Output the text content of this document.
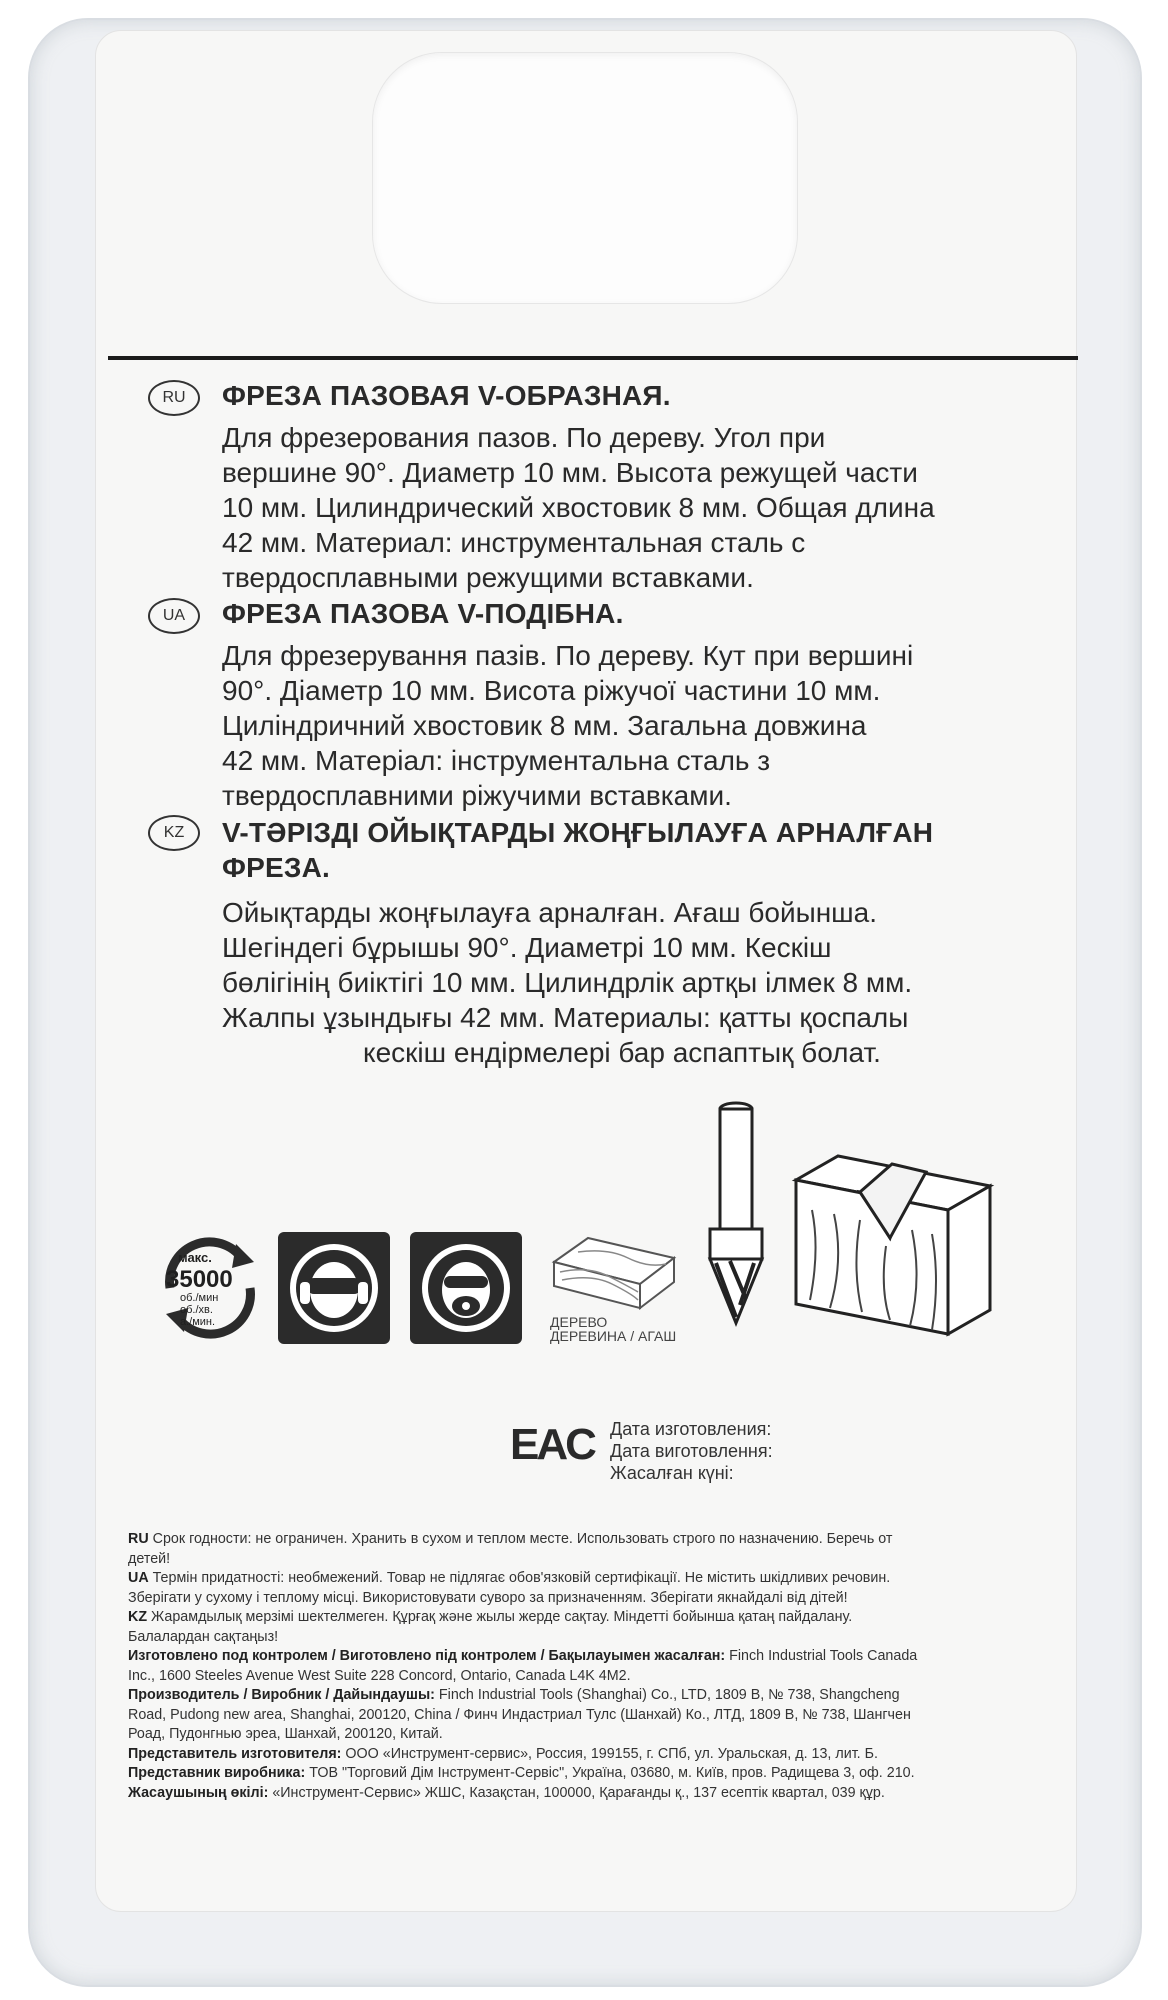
RU	ФРЕЗА ПАЗОВАЯ V-ОБРАЗНАЯ.
Для фрезерования пазов. По дереву. Угол при
вершине 90°. Диаметр 10 мм. Высота режущей части
10 мм. Цилиндрический хвостовик 8 мм. Общая длина
42 мм. Материал: инструментальная сталь с
твердосплавными режущими вставками.
UA	ФРЕЗА ПАЗОВА V-ПОДІБНА.
Для фрезерування пазів. По дереву. Кут при вершині
90°. Діаметр 10 мм. Висота ріжучої частини 10 мм.
Циліндричний хвостовик 8 мм. Загальна довжина
42 мм. Матеріал: інструментальна сталь з
твердосплавними ріжучими вставками.
KZ	V-ТӘРІЗДІ ОЙЫҚТАРДЫ ЖОҢҒЫЛАУҒА АРНАЛҒАН
ФРЕЗА.
Ойықтарды жоңғылауға арналған. Ағаш бойынша.
Шегіндегі бұрышы 90°. Диаметрі 10 мм. Кескіш
бөлігінің биіктігі 10 мм. Цилиндрлік артқы ілмек 8 мм.
Жалпы ұзындығы 42 мм. Материалы: қатты қоспалы
кескіш ендірмелері бар аспаптық болат.
макс.
35000
об./мин
об./хв.
а./мин.	ДЕРЕВО
ДЕРЕВИНА / АГАШ
EAC Дата изготовления:
Дата виготовлення:
Жасалған күні:
RU Срок годности: не ограничен. Хранить в сухом и теплом месте. Использовать строго по назначению. Беречь от
детей!
UA Термін придатності: необмежений. Товар не підлягає обов'язковій сертифікації. Не містить шкідливих речовин.
Зберігати у сухому і теплому місці. Використовувати суворо за призначенням. Зберігати якнайдалі від дітей!
KZ Жарамдылық мерзімі шектелмеген. Құрғақ және жылы жерде сақтау. Міндетті бойынша қатаң пайдалану.
Балалардан сақтаңыз!
Изготовлено под контролем / Виготовлено під контролем / Бақылауымен жасалған: Finch Industrial Tools Canada
Inc., 1600 Steeles Avenue West Suite 228 Concord, Ontario, Canada L4K 4M2.
Производитель / Виробник / Дайындаушы: Finch Industrial Tools (Shanghai) Co., LTD, 1809 B, № 738, Shangcheng
Road, Pudong new area, Shanghai, 200120, China / Финч Индастриал Тулс (Шанхай) Ко., ЛТД, 1809 B, № 738, Шангчен
Роад, Пудонгнью эреа, Шанхай, 200120, Китай.
Представитель изготовителя: ООО «Инструмент-сервис», Россия, 199155, г. СПб, ул. Уральская, д. 13, лит. Б.
Представник виробника: ТОВ "Торговий Дім Інструмент-Сервіс", Україна, 03680, м. Київ, пров. Радищева 3, оф. 210.
Жасаушының өкілі: «Инструмент-Сервис» ЖШС, Казақстан, 100000, Қарағанды қ., 137 есептік квартал, 039 құр.
